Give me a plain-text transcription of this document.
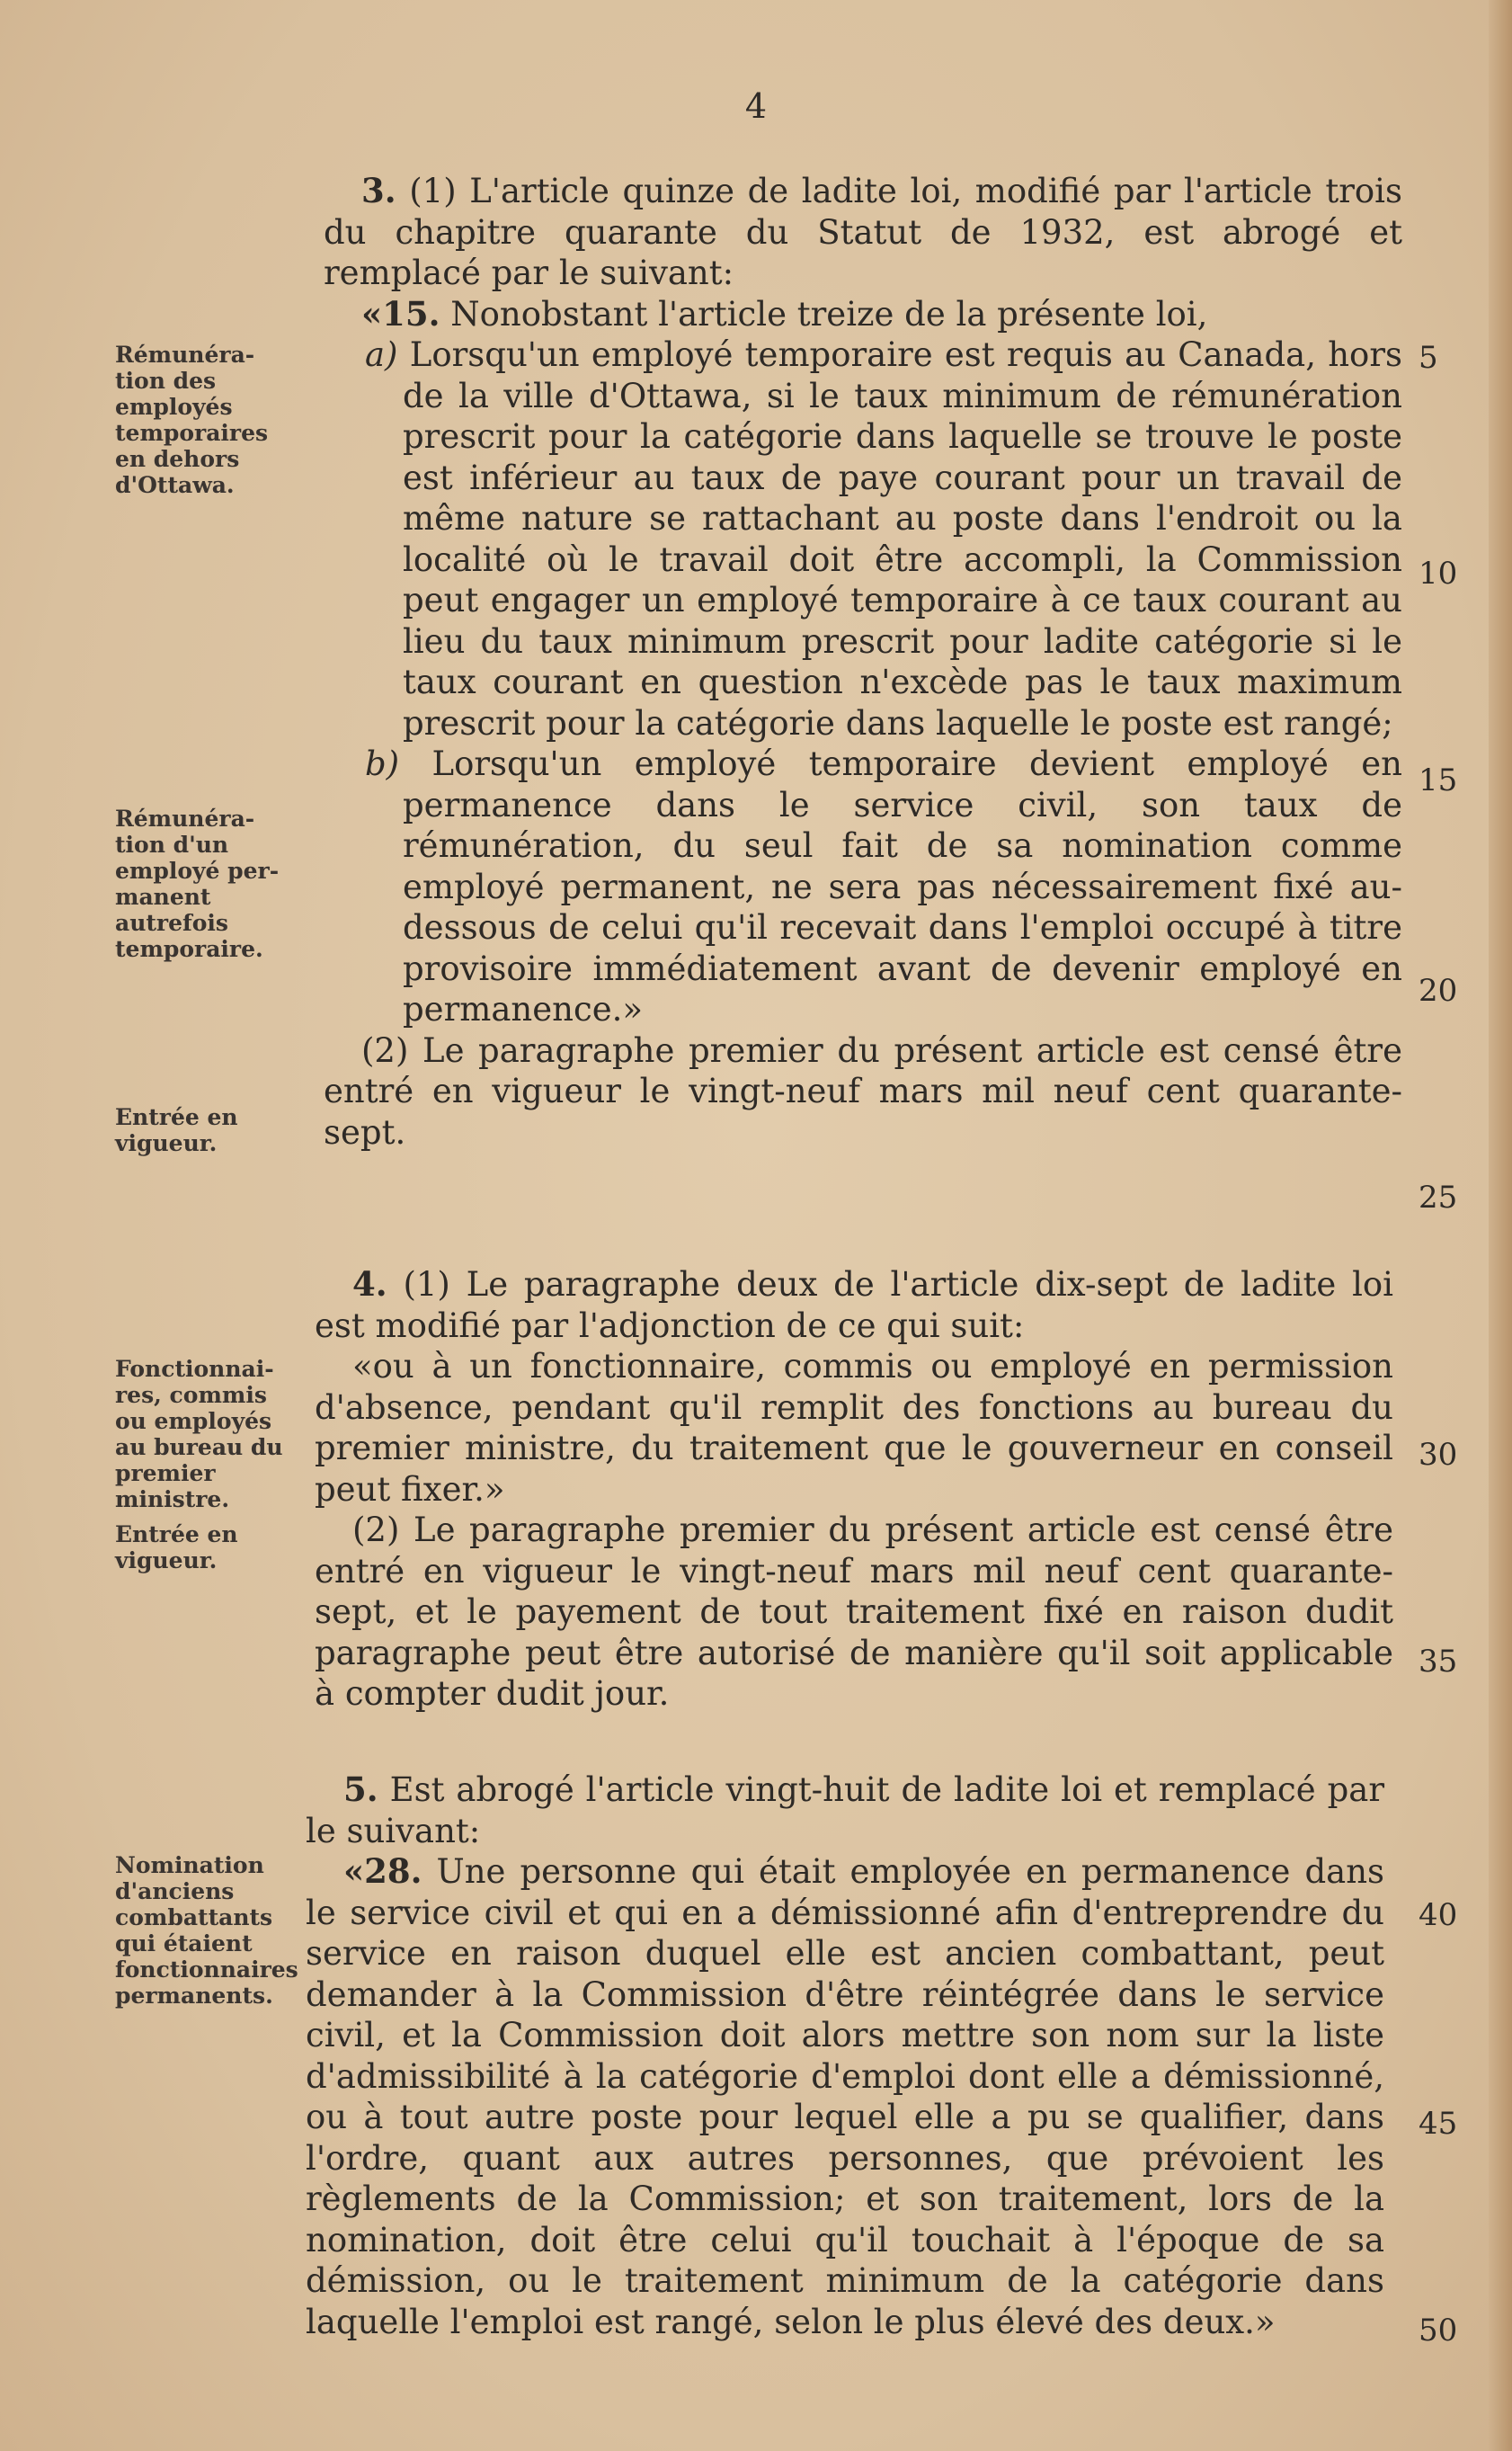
4
Rémunéra-tion des employés temporaires en dehors d'Ottawa.
Rémunéra-tion d'un employé per-manent autrefois temporaire.
Entrée en vigueur.
Fonctionnai-res, commis ou employés au bureau du premier ministre.
Entrée en vigueur.
Nomination d'anciens combattants qui étaient fonctionnaires permanents.
5
10
15
20
25
30
35
40
45
50

3. (1) L'article quinze de ladite loi, modifié par l'article trois du chapitre quarante du Statut de 1932, est abrogé et remplacé par le suivant:

«15. Nonobstant l'article treize de la présente loi,

a) Lorsqu'un employé temporaire est requis au Canada, hors de la ville d'Ottawa, si le taux minimum de rémunération prescrit pour la catégorie dans laquelle se trouve le poste est inférieur au taux de paye courant pour un travail de même nature se rattachant au poste dans l'endroit ou la localité où le travail doit être accompli, la Commission peut engager un employé temporaire à ce taux courant au lieu du taux minimum prescrit pour ladite catégorie si le taux courant en question n'excède pas le taux maximum prescrit pour la catégorie dans laquelle le poste est rangé;

b) Lorsqu'un employé temporaire devient employé en permanence dans le service civil, son taux de rémunération, du seul fait de sa nomination comme employé permanent, ne sera pas nécessairement fixé au-dessous de celui qu'il recevait dans l'emploi occupé à titre provisoire immédiatement avant de devenir employé en permanence.»

(2) Le paragraphe premier du présent article est censé être entré en vigueur le vingt-neuf mars mil neuf cent quarante-sept.

4. (1) Le paragraphe deux de l'article dix-sept de ladite loi est modifié par l'adjonction de ce qui suit:

«ou à un fonctionnaire, commis ou employé en permission d'absence, pendant qu'il remplit des fonctions au bureau du premier ministre, du traitement que le gouverneur en conseil peut fixer.»

(2) Le paragraphe premier du présent article est censé être entré en vigueur le vingt-neuf mars mil neuf cent quarante-sept, et le payement de tout traitement fixé en raison dudit paragraphe peut être autorisé de manière qu'il soit applicable à compter dudit jour.

5. Est abrogé l'article vingt-huit de ladite loi et remplacé par le suivant:

«28. Une personne qui était employée en permanence dans le service civil et qui en a démissionné afin d'entreprendre du service en raison duquel elle est ancien combattant, peut demander à la Commission d'être réintégrée dans le service civil, et la Commission doit alors mettre son nom sur la liste d'admissibilité à la catégorie d'emploi dont elle a démissionné, ou à tout autre poste pour lequel elle a pu se qualifier, dans l'ordre, quant aux autres personnes, que prévoient les règlements de la Commission; et son traitement, lors de la nomination, doit être celui qu'il touchait à l'époque de sa démission, ou le traitement minimum de la catégorie dans laquelle l'emploi est rangé, selon le plus élevé des deux.»
